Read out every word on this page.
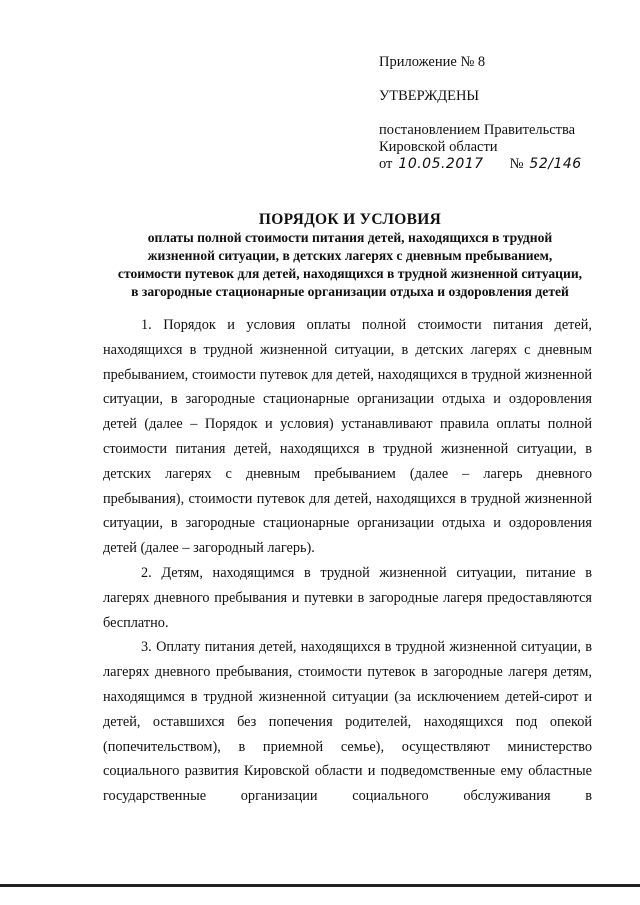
Приложение № 8
УТВЕРЖДЕНЫ
постановлением Правительства
Кировской области
от 10.05.2017 № 52/146
ПОРЯДОК И УСЛОВИЯ
оплаты полной стоимости питания детей, находящихся в трудной
жизненной ситуации, в детских лагерях с дневным пребыванием,
стоимости путевок для детей, находящихся в трудной жизненной ситуации,
в загородные стационарные организации отдыха и оздоровления детей

1. Порядок и условия оплаты полной стоимости питания детей, находящихся в трудной жизненной ситуации, в детских лагерях с дневным пребыванием, стоимости путевок для детей, находящихся в трудной жизненной ситуации, в загородные стационарные организации отдыха и оздоровления детей (далее – Порядок и условия) устанавливают правила оплаты полной стоимости питания детей, находящихся в трудной жизненной ситуации, в детских лагерях с дневным пребыванием (далее – лагерь дневного пребывания), стоимости путевок для детей, находящихся в трудной жизненной ситуации, в загородные стационарные организации отдыха и оздоровления детей (далее – загородный лагерь).

2. Детям, находящимся в трудной жизненной ситуации, питание в лагерях дневного пребывания и путевки в загородные лагеря предоставляются бесплатно.

3. Оплату питания детей, находящихся в трудной жизненной ситуации, в лагерях дневного пребывания, стоимости путевок в загородные лагеря детям, находящимся в трудной жизненной ситуации (за исключением детей-сирот и детей, оставшихся без попечения родителей, находящихся под опекой (попечительством), в приемной семье), осуществляют министерство социального развития Кировской области и подведомственные ему областные государственные организации социального обслуживания в
